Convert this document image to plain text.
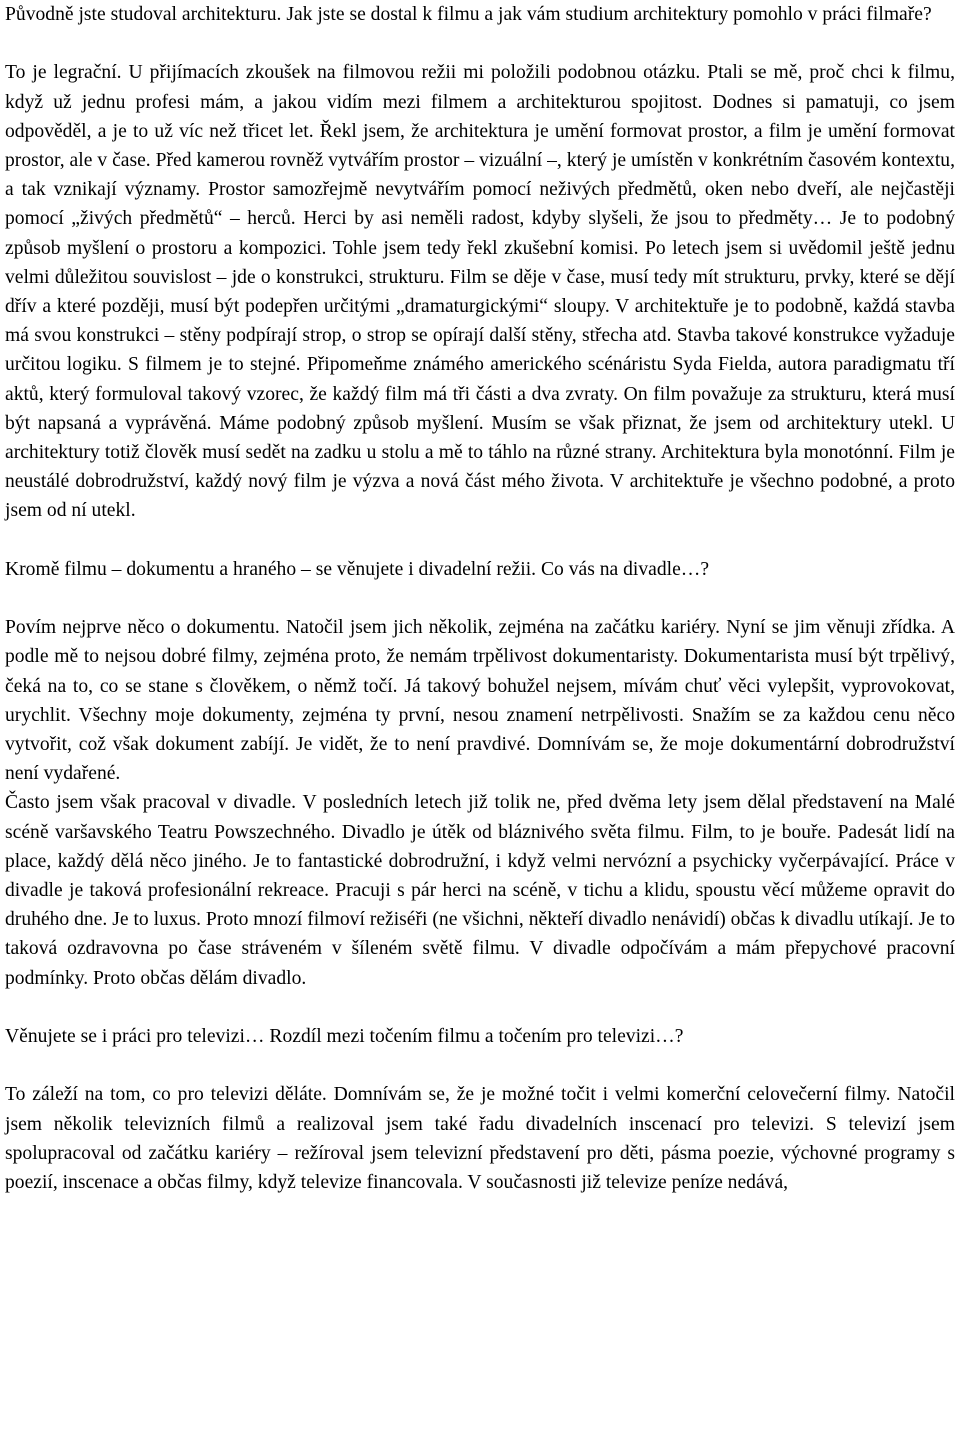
Původně jste studoval architekturu. Jak jste se dostal k filmu a jak vám studium architektury pomohlo v práci filmaře?

To je legrační. U přijímacích zkoušek na filmovou režii mi položili podobnou otázku. Ptali se mě, proč chci k filmu, když už jednu profesi mám, a jakou vidím mezi filmem a architekturou spojitost. Dodnes si pamatuji, co jsem odpověděl, a je to už víc než třicet let. Řekl jsem, že architektura je umění formovat prostor, a film je umění formovat prostor, ale v čase. Před kamerou rovněž vytvářím prostor – vizuální –, který je umístěn v konkrétním časovém kontextu, a tak vznikají významy. Prostor samozřejmě nevytvářím pomocí neživých předmětů, oken nebo dveří, ale nejčastěji pomocí „živých předmětů“ – herců. Herci by asi neměli radost, kdyby slyšeli, že jsou to předměty… Je to podobný způsob myšlení o prostoru a kompozici. Tohle jsem tedy řekl zkušební komisi. Po letech jsem si uvědomil ještě jednu velmi důležitou souvislost – jde o konstrukci, strukturu. Film se děje v čase, musí tedy mít strukturu, prvky, které se dějí dřív a které později, musí být podepřen určitými „dramaturgickými“ sloupy. V architektuře je to podobně, každá stavba má svou konstrukci – stěny podpírají strop, o strop se opírají další stěny, střecha atd. Stavba takové konstrukce vyžaduje určitou logiku. S filmem je to stejné. Připomeňme známého amerického scénáristu Syda Fielda, autora paradigmatu tří aktů, který formuloval takový vzorec, že každý film má tři části a dva zvraty. On film považuje za strukturu, která musí být napsaná a vyprávěná. Máme podobný způsob myšlení. Musím se však přiznat, že jsem od architektury utekl. U architektury totiž člověk musí sedět na zadku u stolu a mě to táhlo na různé strany. Architektura byla monotónní. Film je neustálé dobrodružství, každý nový film je výzva a nová část mého života. V architektuře je všechno podobné, a proto jsem od ní utekl.

Kromě filmu – dokumentu a hraného – se věnujete i divadelní režii. Co vás na divadle…?

Povím nejprve něco o dokumentu. Natočil jsem jich několik, zejména na začátku kariéry. Nyní se jim věnuji zřídka. A podle mě to nejsou dobré filmy, zejména proto, že nemám trpělivost dokumentaristy. Dokumentarista musí být trpělivý, čeká na to, co se stane s člověkem, o němž točí. Já takový bohužel nejsem, mívám chuť věci vylepšit, vyprovokovat, urychlit. Všechny moje dokumenty, zejména ty první, nesou znamení netrpělivosti. Snažím se za každou cenu něco vytvořit, což však dokument zabíjí. Je vidět, že to není pravdivé. Domnívám se, že moje dokumentární dobrodružství není vydařené.

Často jsem však pracoval v divadle. V posledních letech již tolik ne, před dvěma lety jsem dělal představení na Malé scéně varšavského Teatru Powszechného. Divadlo je útěk od bláznivého světa filmu. Film, to je bouře. Padesát lidí na place, každý dělá něco jiného. Je to fantastické dobrodružní, i když velmi nervózní a psychicky vyčerpávající. Práce v divadle je taková profesionální rekreace. Pracuji s pár herci na scéně, v tichu a klidu, spoustu věcí můžeme opravit do druhého dne. Je to luxus. Proto mnozí filmoví režiséři (ne všichni, někteří divadlo nenávidí) občas k divadlu utíkají. Je to taková ozdravovna po čase stráveném v šíleném světě filmu. V divadle odpočívám a mám přepychové pracovní podmínky. Proto občas dělám divadlo.

Věnujete se i práci pro televizi… Rozdíl mezi točením filmu a točením pro televizi…?

To záleží na tom, co pro televizi děláte. Domnívám se, že je možné točit i velmi komerční celovečerní filmy. Natočil jsem několik televizních filmů a realizoval jsem také řadu divadelních inscenací pro televizi. S televizí jsem spolupracoval od začátku kariéry – režíroval jsem televizní představení pro děti, pásma poezie, výchovné programy s poezií, inscenace a občas filmy, když televize financovala. V současnosti již televize peníze nedává,
